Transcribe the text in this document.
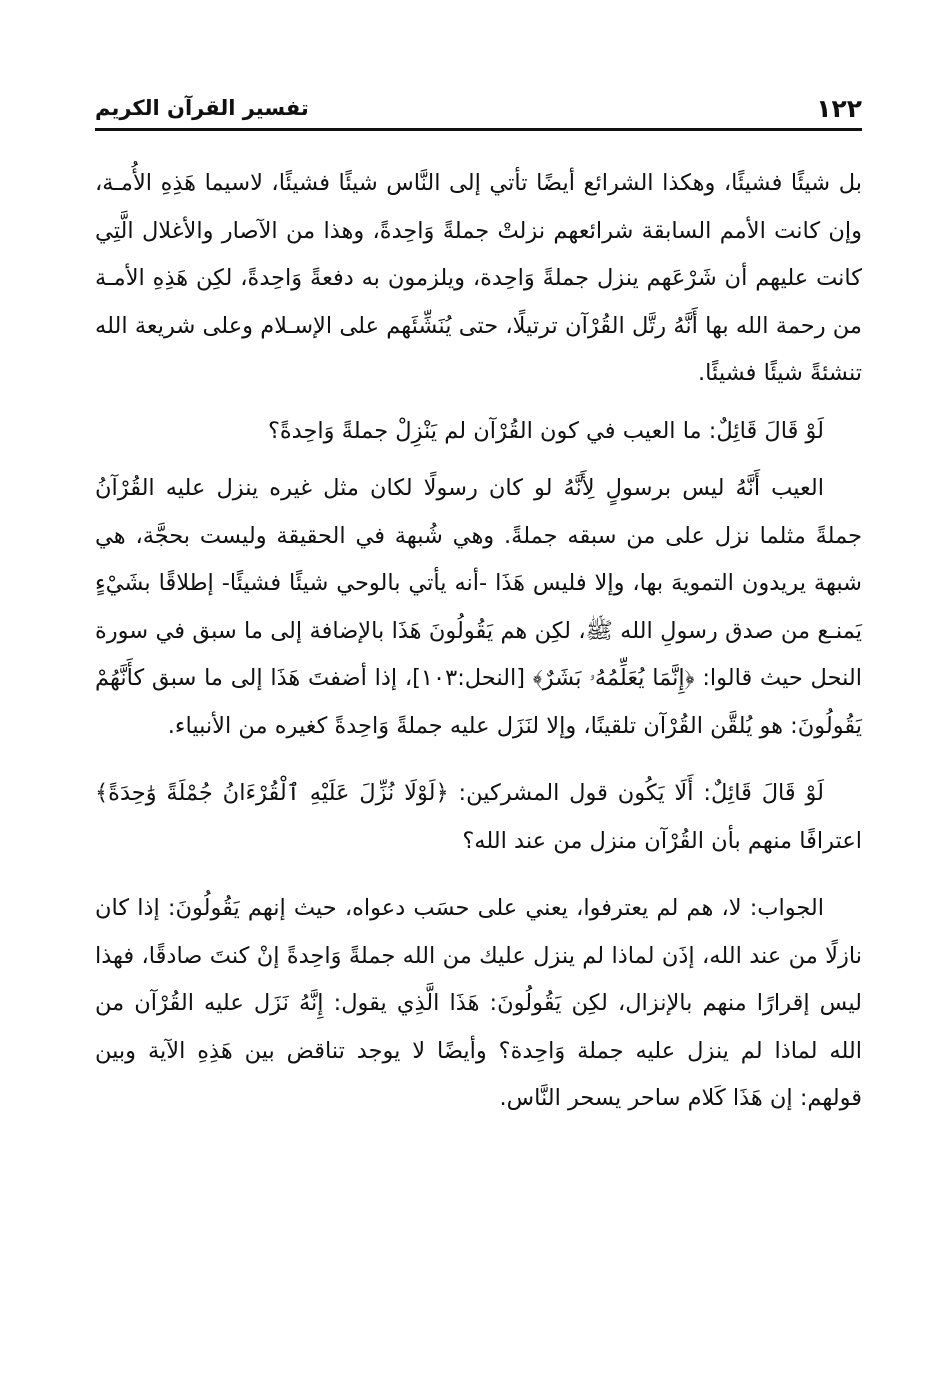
١٢٢
تفسير القرآن الكريم

بل شيئًا فشيئًا، وهكذا الشرائع أيضًا تأتي إلى النَّاس شيئًا فشيئًا، لاسيما هَذِهِ الأُمـة، وإن كانت الأمم السابقة شرائعهم نزلتْ جملةً وَاحِدةً، وهذا من الآصار والأغلال الَّتِي كانت عليهم أن شَرْعَهم ينزل جملةً وَاحِدة، ويلزمون به دفعةً وَاحِدةً، لكِن هَذِهِ الأمـة من رحمة الله بها أَنَّهُ رتَّل القُرْآن ترتيلًا، حتى يُنَشِّئَهم على الإسـلام وعلى شريعة الله تنشئةً شيئًا فشيئًا.

لَوْ قَالَ قَائِلٌ: ما العيب في كون القُرْآن لم يَنْزِلْ جملةً وَاحِدةً؟

العيب أَنَّهُ ليس برسولٍ لِأَنَّهُ لو كان رسولًا لكان مثل غيره ينزل عليه القُرْآنُ جملةً مثلما نزل على من سبقه جملةً. وهي شُبهة في الحقيقة وليست بحجَّة، هي شبهة يريدون التمويهَ بها، وإلا فليس هَذَا -أنه يأتي بالوحي شيئًا فشيئًا- إطلاقًا بشَيْءٍ يَمنـع من صدق رسولِ الله ﷺ، لكِن هم يَقُولُونَ هَذَا بالإضافة إلى ما سبق في سورة النحل حيث قالوا: ﴿إِنَّمَا يُعَلِّمُهُۥ بَشَرٌ﴾ [النحل:١٠٣]، إذا أضفتَ هَذَا إلى ما سبق كأَنَّهُمْ يَقُولُونَ: هو يُلقَّن القُرْآن تلقينًا، وإلا لنَزَل عليه جملةً وَاحِدةً كغيره من الأنبياء.

لَوْ قَالَ قَائِلٌ: أَلَا يَكُون قول المشركين: ﴿لَوْلَا نُزِّلَ عَلَيْهِ ٱلْقُرْءَانُ جُمْلَةً وَٰحِدَةً﴾ اعترافًا منهم بأن القُرْآن منزل من عند الله؟

الجواب: لا، هم لم يعترفوا، يعني على حسَب دعواه، حيث إنهم يَقُولُونَ: إذا كان نازلًا من عند الله، إذَن لماذا لم ينزل عليك من الله جملةً وَاحِدةً إنْ كنتَ صادقًا، فهذا ليس إقرارًا منهم بالإنزال، لكِن يَقُولُونَ: هَذَا الَّذِي يقول: إِنَّهُ نَزَل عليه القُرْآن من الله لماذا لم ينزل عليه جملة وَاحِدة؟ وأيضًا لا يوجد تناقض بين هَذِهِ الآية وبين قولهم: إن هَذَا كَلام ساحر يسحر النَّاس.
